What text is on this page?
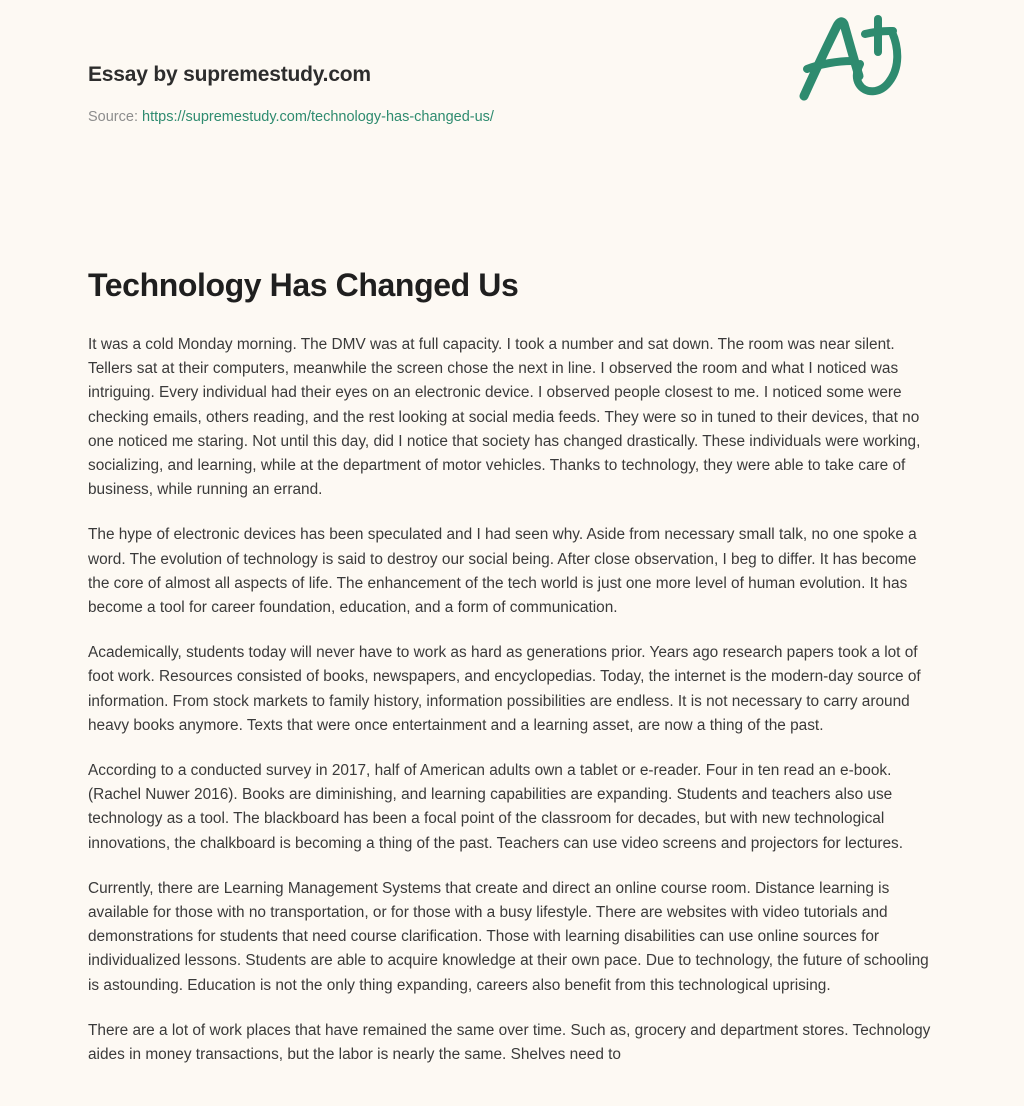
Essay by supremestudy.com
Source: https://supremestudy.com/technology-has-changed-us/
Technology Has Changed Us

It was a cold Monday morning. The DMV was at full capacity. I took a number and sat down. The room was near silent. Tellers sat at their computers, meanwhile the screen chose the next in line. I observed the room and what I noticed was intriguing. Every individual had their eyes on an electronic device. I observed people closest to me. I noticed some were checking emails, others reading, and the rest looking at social media feeds. They were so in tuned to their devices, that no one noticed me staring. Not until this day, did I notice that society has changed drastically. These individuals were working, socializing, and learning, while at the department of motor vehicles. Thanks to technology, they were able to take care of business, while running an errand.

The hype of electronic devices has been speculated and I had seen why. Aside from necessary small talk, no one spoke a word. The evolution of technology is said to destroy our social being. After close observation, I beg to differ. It has become the core of almost all aspects of life. The enhancement of the tech world is just one more level of human evolution. It has become a tool for career foundation, education, and a form of communication.

Academically, students today will never have to work as hard as generations prior. Years ago research papers took a lot of foot work. Resources consisted of books, newspapers, and encyclopedias. Today, the internet is the modern-day source of information. From stock markets to family history, information possibilities are endless. It is not necessary to carry around heavy books anymore. Texts that were once entertainment and a learning asset, are now a thing of the past.

According to a conducted survey in 2017, half of American adults own a tablet or e-reader. Four in ten read an e-book. (Rachel Nuwer 2016). Books are diminishing, and learning capabilities are expanding. Students and teachers also use technology as a tool. The blackboard has been a focal point of the classroom for decades, but with new technological innovations, the chalkboard is becoming a thing of the past. Teachers can use video screens and projectors for lectures.

Currently, there are Learning Management Systems that create and direct an online course room. Distance learning is available for those with no transportation, or for those with a busy lifestyle. There are websites with video tutorials and demonstrations for students that need course clarification. Those with learning disabilities can use online sources for individualized lessons. Students are able to acquire knowledge at their own pace. Due to technology, the future of schooling is astounding. Education is not the only thing expanding, careers also benefit from this technological uprising.

There are a lot of work places that have remained the same over time. Such as, grocery and department stores. Technology aides in money transactions, but the labor is nearly the same. Shelves need to
